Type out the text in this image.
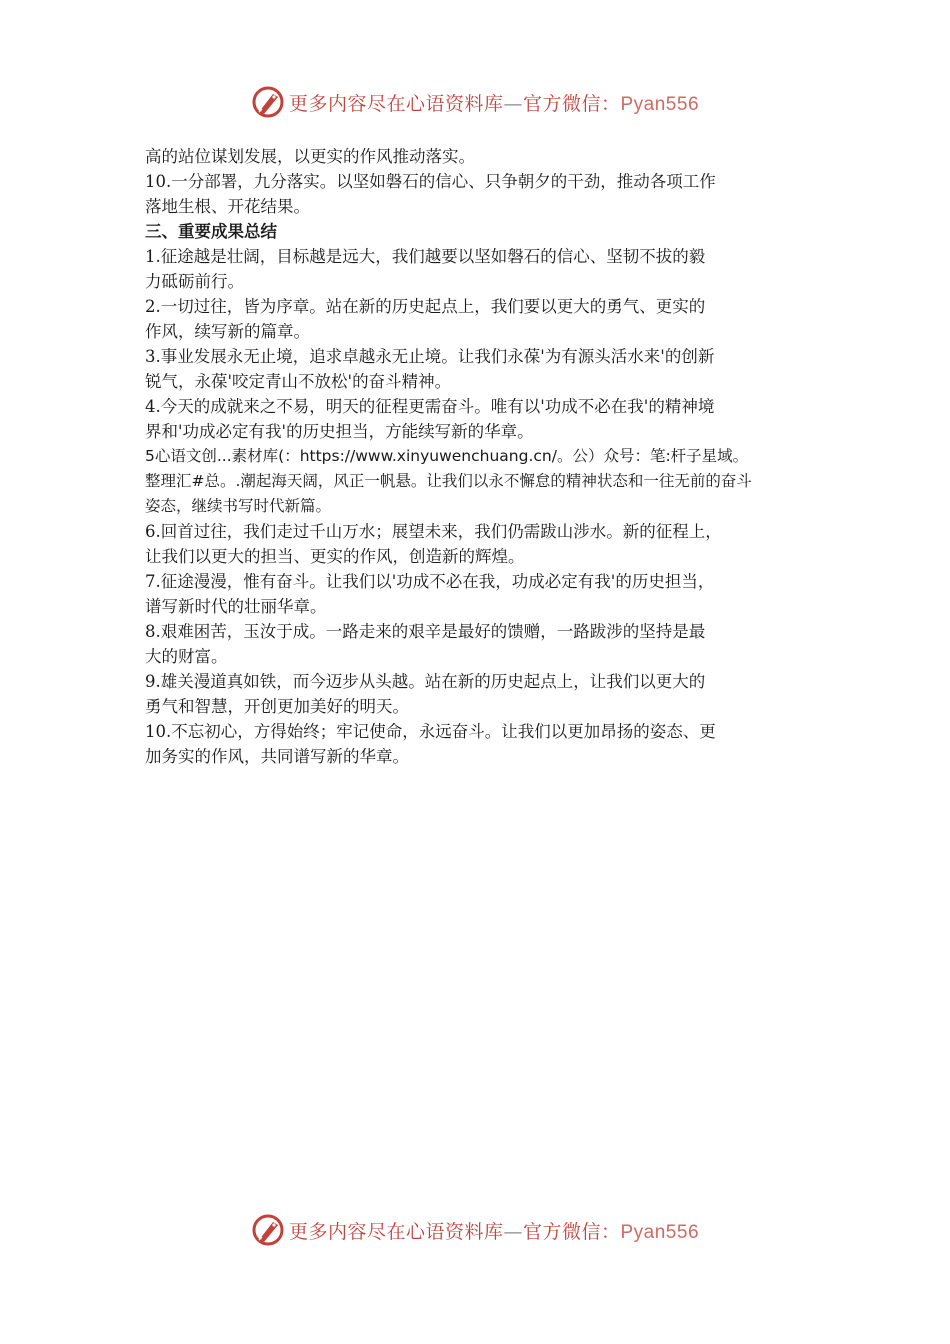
更多内容尽在心语资料库—官方微信：Pyan556
高的站位谋划发展，以更实的作风推动落实。
10.一分部署，九分落实。以坚如磐石的信心、只争朝夕的干劲，推动各项工作
落地生根、开花结果。
三、重要成果总结
1.征途越是壮阔，目标越是远大，我们越要以坚如磐石的信心、坚韧不拔的毅
力砥砺前行。
2.一切过往，皆为序章。站在新的历史起点上，我们要以更大的勇气、更实的
作风，续写新的篇章。
3.事业发展永无止境，追求卓越永无止境。让我们永葆'为有源头活水来'的创新
锐气，永葆'咬定青山不放松'的奋斗精神。
4.今天的成就来之不易，明天的征程更需奋斗。唯有以'功成不必在我'的精神境
界和'功成必定有我'的历史担当，方能续写新的华章。
5心语文创...素材库(：https://www.xinyuwenchuang.cn/。公）众号：笔:杆子星域。
整理汇#总。.潮起海天阔，风正一帆悬。让我们以永不懈怠的精神状态和一往无前的奋斗
姿态，继续书写时代新篇。
6.回首过往，我们走过千山万水；展望未来，我们仍需跋山涉水。新的征程上，
让我们以更大的担当、更实的作风，创造新的辉煌。
7.征途漫漫，惟有奋斗。让我们以'功成不必在我，功成必定有我'的历史担当，
谱写新时代的壮丽华章。
8.艰难困苦，玉汝于成。一路走来的艰辛是最好的馈赠，一路跋涉的坚持是最
大的财富。
9.雄关漫道真如铁，而今迈步从头越。站在新的历史起点上，让我们以更大的
勇气和智慧，开创更加美好的明天。
10.不忘初心，方得始终；牢记使命，永远奋斗。让我们以更加昂扬的姿态、更
加务实的作风，共同谱写新的华章。
更多内容尽在心语资料库—官方微信：Pyan556
